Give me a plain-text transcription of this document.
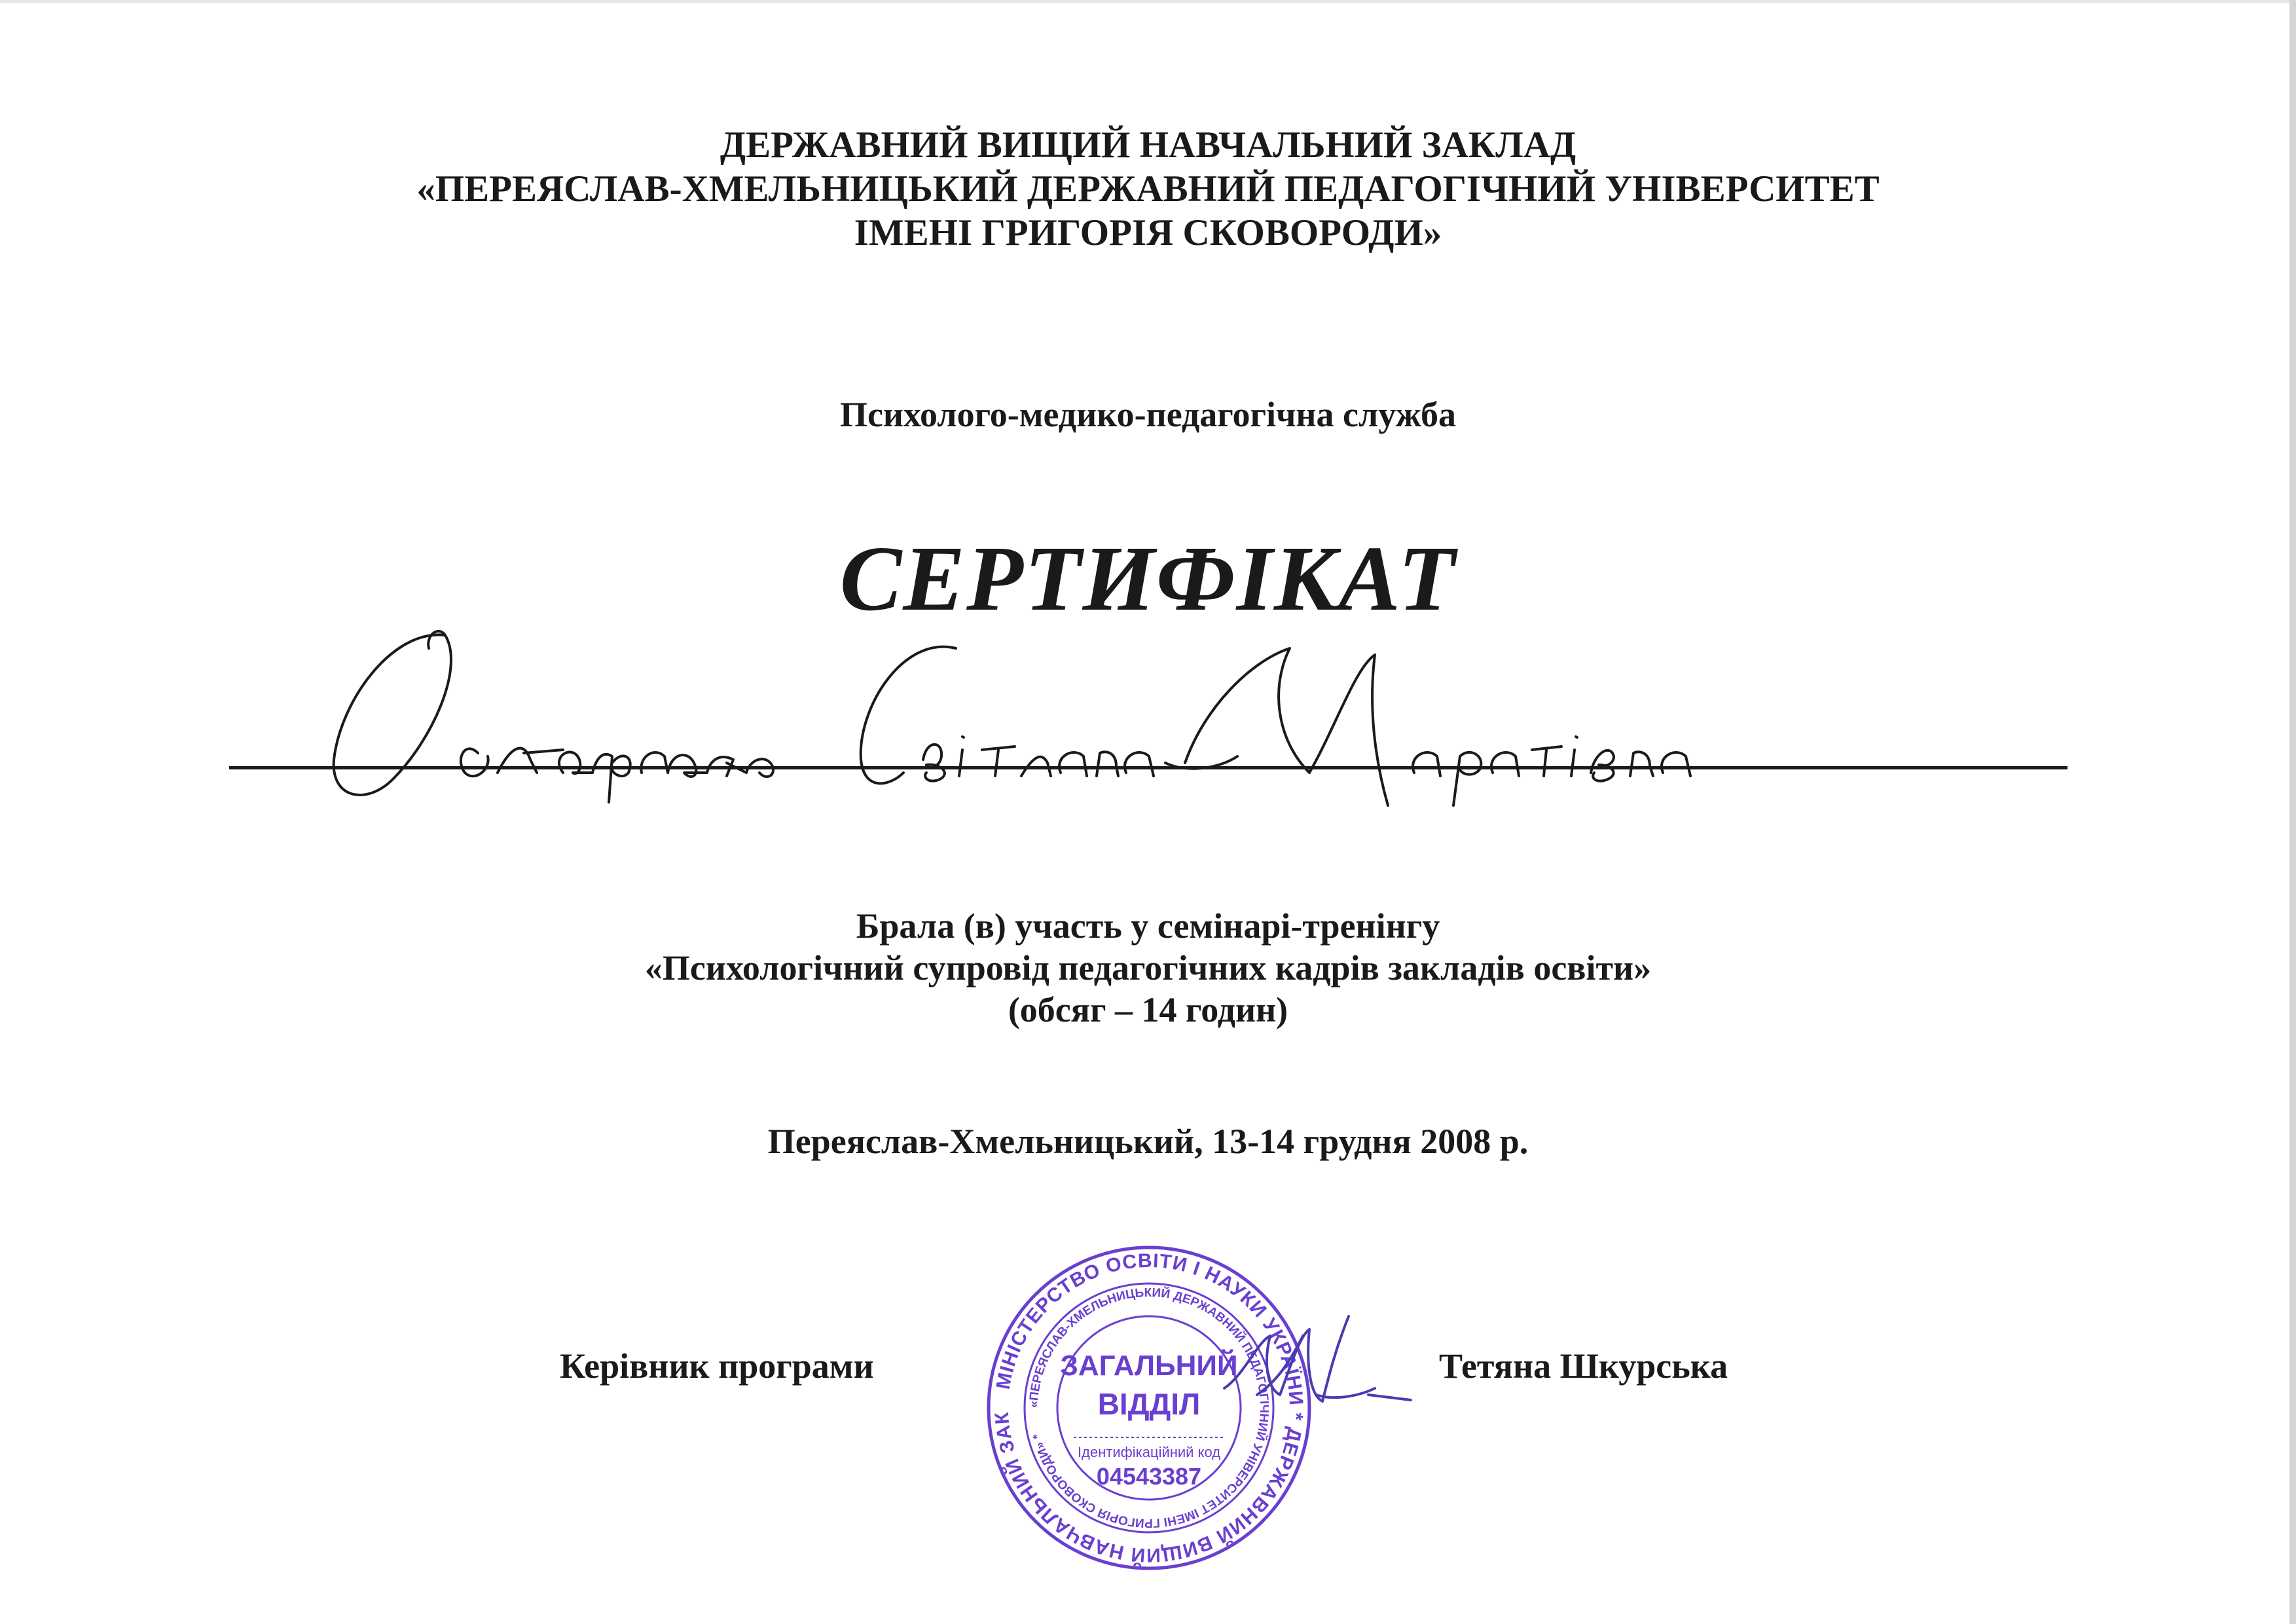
ДЕРЖАВНИЙ ВИЩИЙ НАВЧАЛЬНИЙ ЗАКЛАД
«ПЕРЕЯСЛАВ-ХМЕЛЬНИЦЬКИЙ ДЕРЖАВНИЙ ПЕДАГОГІЧНИЙ УНІВЕРСИТЕТ
ІМЕНІ ГРИГОРІЯ СКОВОРОДИ»
Психолого-медико-педагогічна служба
СЕРТИФІКАТ
Брала (в) участь у семінарі-тренінгу
«Психологічний супровід педагогічних кадрів закладів освіти»
(обсяг – 14 годин)
Переяслав-Хмельницький, 13-14 грудня 2008 р.
Керівник програми	Тетяна Шкурська
МІНІСТЕРСТВО ОСВІТИ І НАУКИ УКРАЇНИ * ДЕРЖАВНИЙ ВИЩИЙ НАВЧАЛЬНИЙ ЗАК
«ПЕРЕЯСЛАВ-ХМЕЛЬНИЦЬКИЙ ДЕРЖАВНИЙ ПЕДАГОГІЧНИЙ УНІВЕРСИТЕТ ІМЕНІ ГРИГОРІЯ СКОВОРОДИ» *
ЗАГАЛЬНИЙ
ВІДДІЛ
Ідентифікаційний код
04543387
